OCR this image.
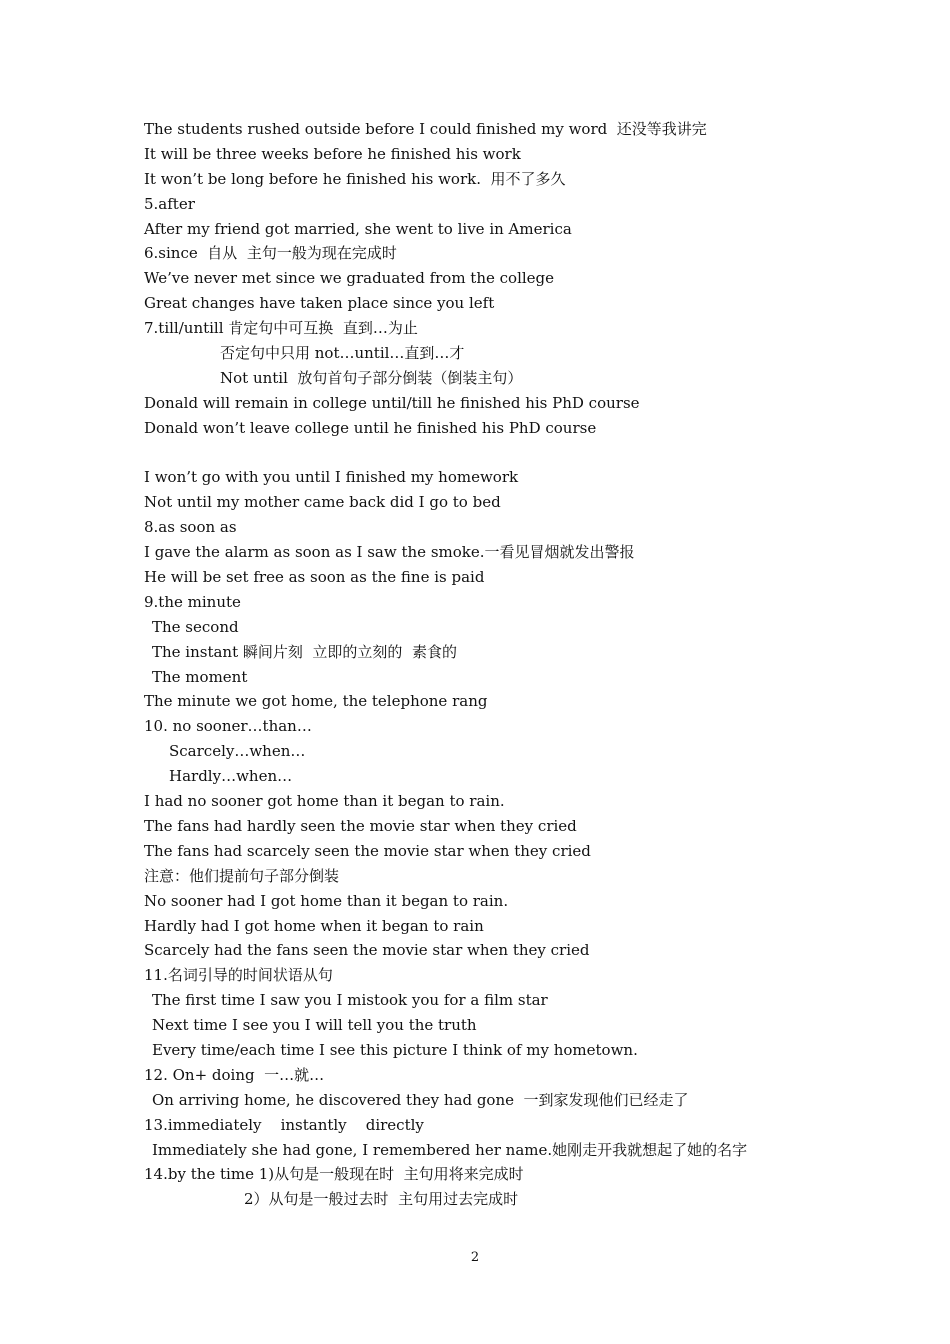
The students rushed outside before I could finished my word  还没等我讲完
It will be three weeks before he finished his work
It won’t be long before he finished his work.  用不了多久
5.after
After my friend got married, she went to live in America
6.since  自从  主句一般为现在完成时
We’ve never met since we graduated from the college
Great changes have taken place since you left
7.till/untill 肯定句中可互换  直到…为止
否定句中只用 not…until…直到…才
Not until  放句首句子部分倒装（倒装主句）
Donald will remain in college until/till he finished his PhD course
Donald won’t leave college until he finished his PhD course
I won’t go with you until I finished my homework
Not until my mother came back did I go to bed
8.as soon as
I gave the alarm as soon as I saw the smoke.一看见冒烟就发出警报
He will be set free as soon as the fine is paid
9.the minute
The second
The instant 瞬间片刻  立即的立刻的  素食的
The moment
The minute we got home, the telephone rang
10. no sooner…than…
Scarcely…when…
Hardly…when…
I had no sooner got home than it began to rain.
The fans had hardly seen the movie star when they cried
The fans had scarcely seen the movie star when they cried
注意：他们提前句子部分倒装
No sooner had I got home than it began to rain.
Hardly had I got home when it began to rain
Scarcely had the fans seen the movie star when they cried
11.名词引导的时间状语从句
The first time I saw you I mistook you for a film star
Next time I see you I will tell you the truth
Every time/each time I see this picture I think of my hometown.
12. On+ doing  一…就…
On arriving home, he discovered they had gone  一到家发现他们已经走了
13.immediately    instantly    directly
Immediately she had gone, I remembered her name.她刚走开我就想起了她的名字
14.by the time 1)从句是一般现在时  主句用将来完成时
2）从句是一般过去时  主句用过去完成时
2
